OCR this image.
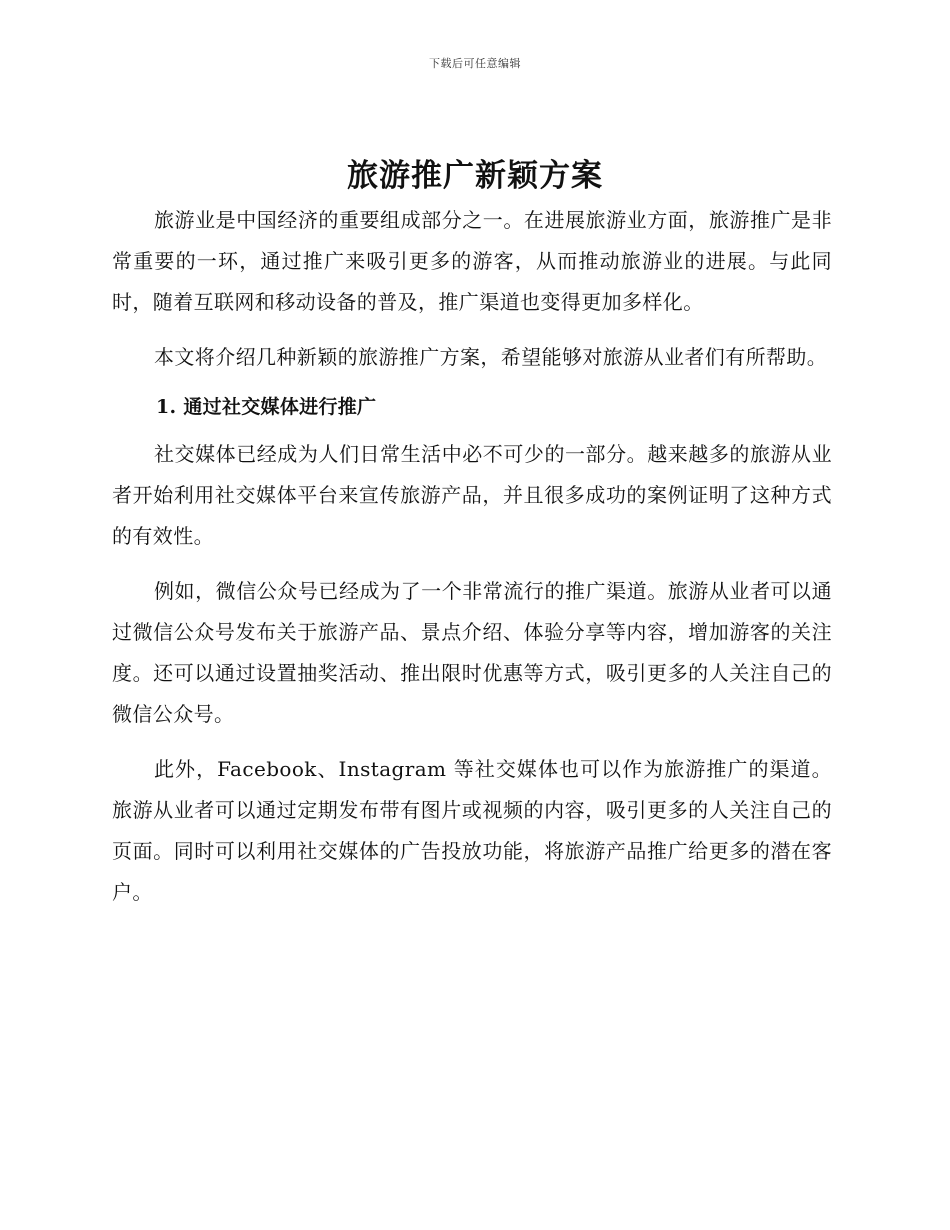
下载后可任意编辑
旅游推广新颖方案

旅游业是中国经济的重要组成部分之一。在进展旅游业方面，旅游推广是非常重要的一环，通过推广来吸引更多的游客，从而推动旅游业的进展。与此同时，随着互联网和移动设备的普及，推广渠道也变得更加多样化。

本文将介绍几种新颖的旅游推广方案，希望能够对旅游从业者们有所帮助。

1. 通过社交媒体进行推广

社交媒体已经成为人们日常生活中必不可少的一部分。越来越多的旅游从业者开始利用社交媒体平台来宣传旅游产品，并且很多成功的案例证明了这种方式的有效性。

例如，微信公众号已经成为了一个非常流行的推广渠道。旅游从业者可以通过微信公众号发布关于旅游产品、景点介绍、体验分享等内容，增加游客的关注度。还可以通过设置抽奖活动、推出限时优惠等方式，吸引更多的人关注自己的微信公众号。

此外，Facebook、Instagram 等社交媒体也可以作为旅游推广的渠道。旅游从业者可以通过定期发布带有图片或视频的内容，吸引更多的人关注自己的页面。同时可以利用社交媒体的广告投放功能，将旅游产品推广给更多的潜在客户。
